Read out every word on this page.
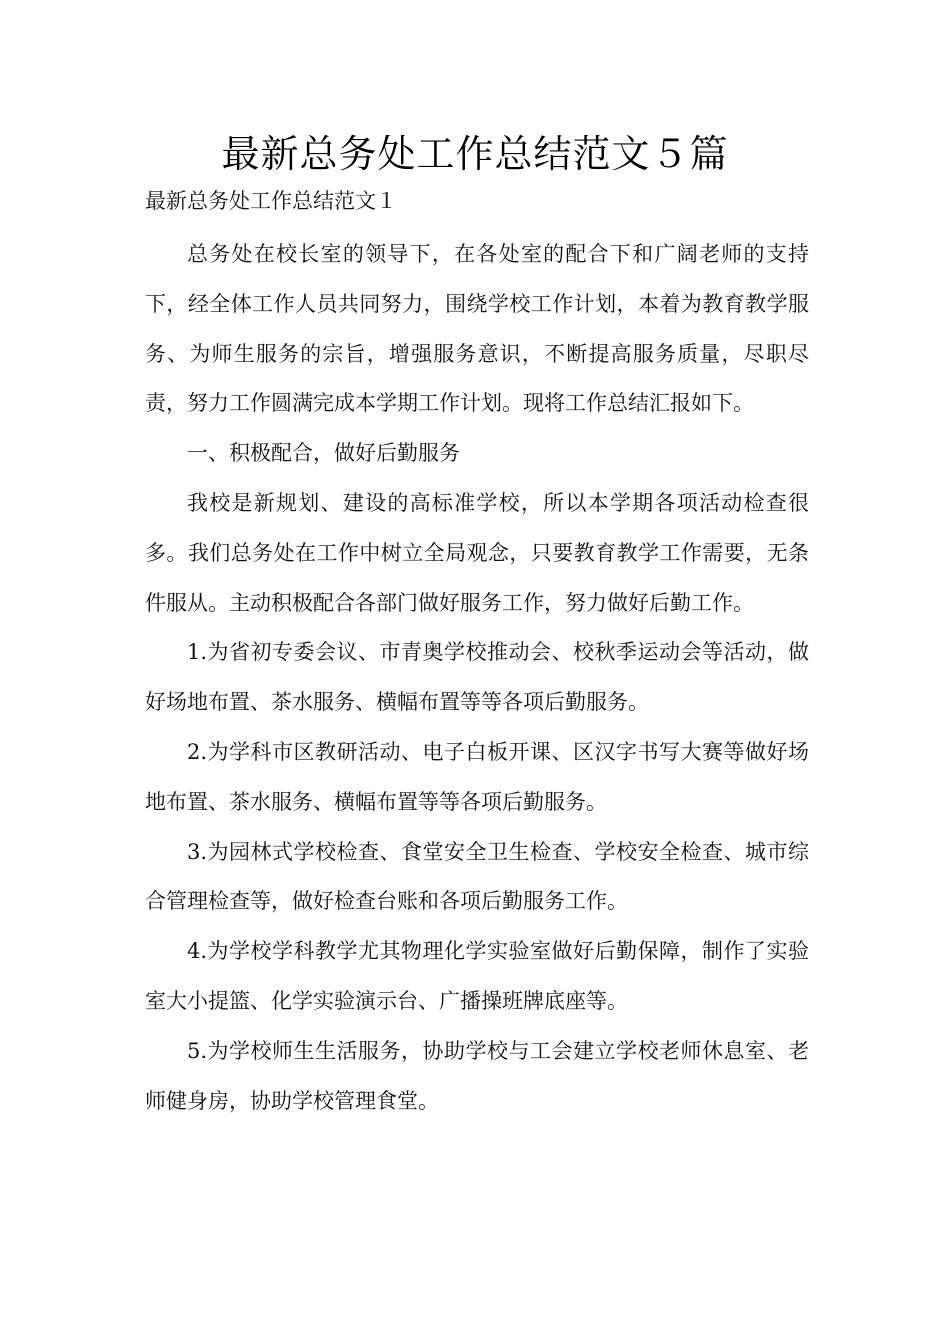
最新总务处工作总结范文５篇
最新总务处工作总结范文１

总务处在校长室的领导下，在各处室的配合下和广阔老师的支持下，经全体工作人员共同努力，围绕学校工作计划，本着为教育教学服务、为师生服务的宗旨，增强服务意识，不断提高服务质量，尽职尽责，努力工作圆满完成本学期工作计划。现将工作总结汇报如下。

一、积极配合，做好后勤服务

我校是新规划、建设的高标准学校，所以本学期各项活动检查很多。我们总务处在工作中树立全局观念，只要教育教学工作需要，无条件服从。主动积极配合各部门做好服务工作，努力做好后勤工作。

1.为省初专委会议、市青奥学校推动会、校秋季运动会等活动，做好场地布置、茶水服务、横幅布置等等各项后勤服务。

2.为学科市区教研活动、电子白板开课、区汉字书写大赛等做好场地布置、茶水服务、横幅布置等等各项后勤服务。

3.为园林式学校检查、食堂安全卫生检查、学校安全检查、城市综合管理检查等，做好检查台账和各项后勤服务工作。

4.为学校学科教学尤其物理化学实验室做好后勤保障，制作了实验室大小提篮、化学实验演示台、广播操班牌底座等。

5.为学校师生生活服务，协助学校与工会建立学校老师休息室、老师健身房，协助学校管理食堂。
